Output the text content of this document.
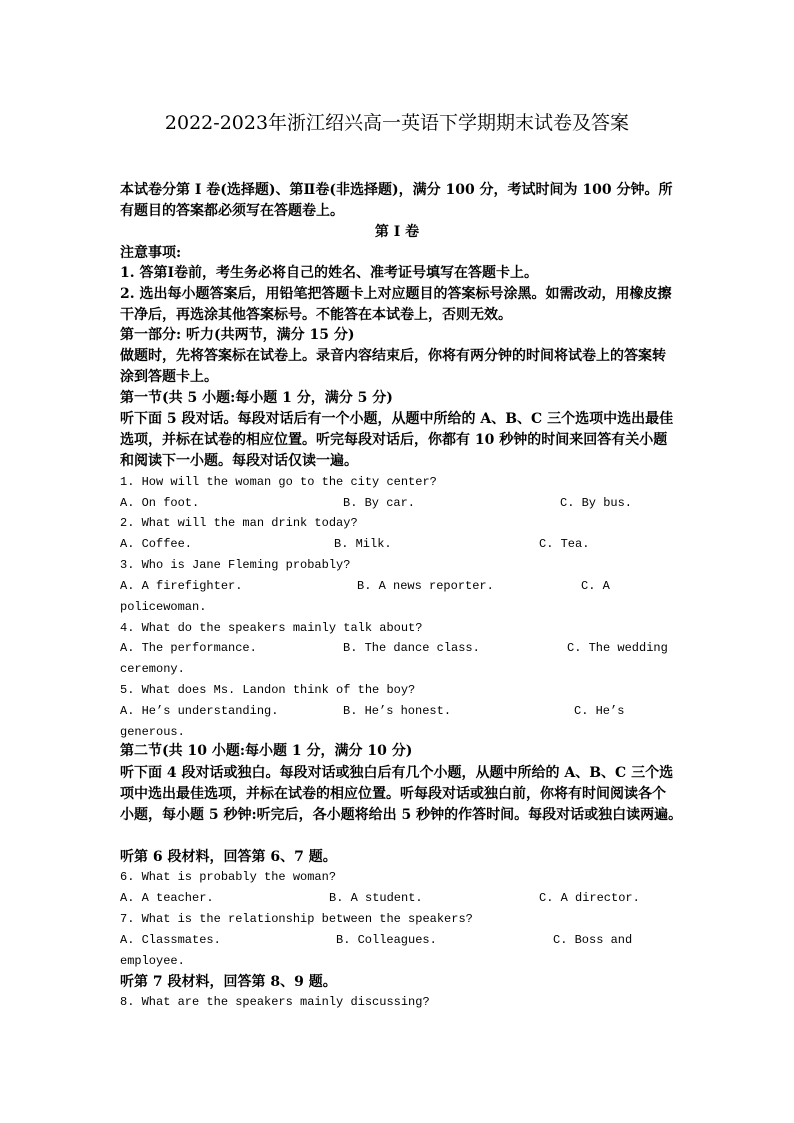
2022-2023年浙江绍兴高一英语下学期期末试卷及答案
本试卷分第 Ⅰ 卷(选择题)、第Ⅱ卷(非选择题)，满分 100 分，考试时间为 100 分钟。所
有题目的答案都必须写在答题卷上。
第 Ⅰ 卷
注意事项:
1. 答第Ⅰ卷前，考生务必将自己的姓名、准考证号填写在答题卡上。
2. 选出每小题答案后，用铅笔把答题卡上对应题目的答案标号涂黑。如需改动，用橡皮擦
干净后，再选涂其他答案标号。不能答在本试卷上，否则无效。
第一部分: 听力(共两节，满分 15 分)
做题时，先将答案标在试卷上。录音内容结束后，你将有两分钟的时间将试卷上的答案转
涂到答题卡上。
第一节(共 5 小题:每小题 1 分，满分 5 分)
听下面 5 段对话。每段对话后有一个小题，从题中所给的 A、B、C 三个选项中选出最佳
选项，并标在试卷的相应位置。听完每段对话后，你都有 10 秒钟的时间来回答有关小题
和阅读下一小题。每段对话仅读一遍。
1. How will the woman go to the city center?
A. On foot.	B. By car.	C. By bus.
2. What will the man drink today?
A. Coffee.	B. Milk.	C. Tea.
3. Who is Jane Fleming probably?
A. A firefighter.	B. A news reporter.	C. A
policewoman.
4. What do the speakers mainly talk about?
A. The performance.	B. The dance class.	C. The wedding
ceremony.
5. What does Ms. Landon think of the boy?
A. He’s understanding.	B. He’s honest.	C. He’s
generous.
第二节(共 10 小题:每小题 1 分，满分 10 分)
听下面 4 段对话或独白。每段对话或独白后有几个小题，从题中所给的 A、B、C 三个选
项中选出最佳选项，并标在试卷的相应位置。听每段对话或独白前，你将有时间阅读各个
小题，每小题 5 秒钟:听完后，各小题将给出 5 秒钟的作答时间。每段对话或独白读两遍。
听第 6 段材料，回答第 6、7 题。
6. What is probably the woman?
A. A teacher.	B. A student.	C. A director.
7. What is the relationship between the speakers?
A. Classmates.	B. Colleagues.	C. Boss and
employee.
听第 7 段材料，回答第 8、9 题。
8. What are the speakers mainly discussing?
